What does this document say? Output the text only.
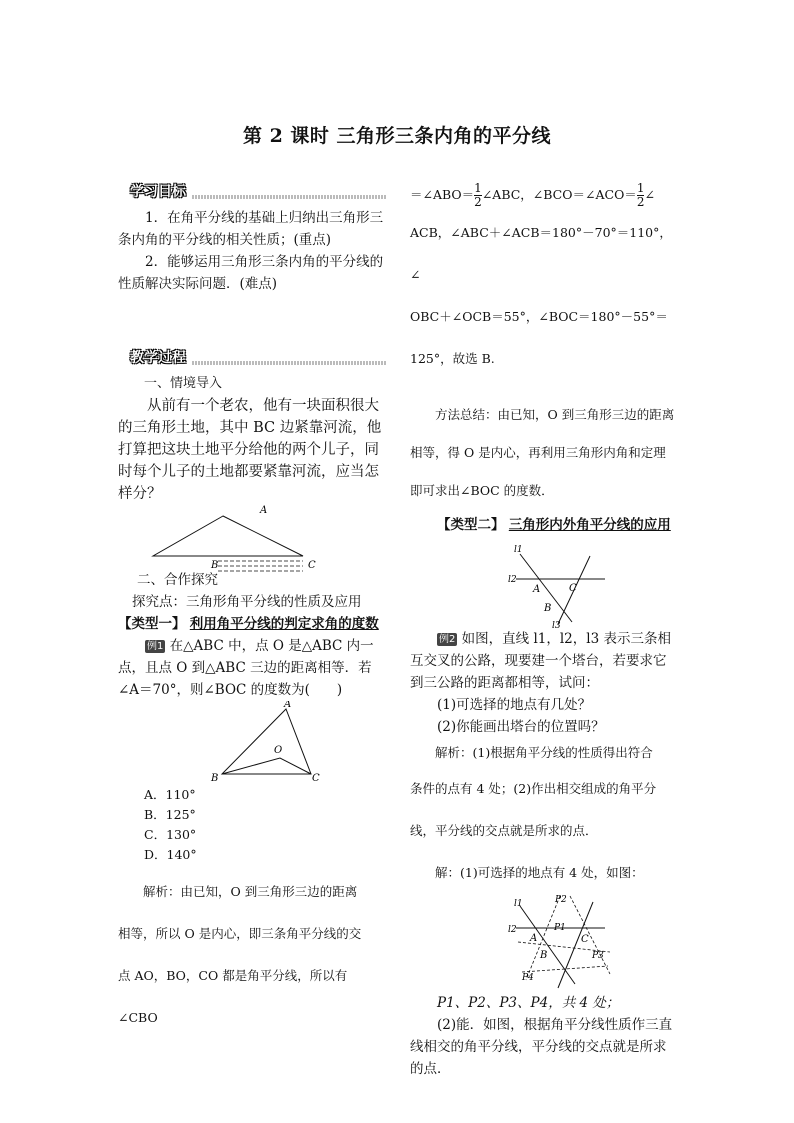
第 2 课时 三角形三条内角的平分线
学习目标

1．在角平分线的基础上归纳出三角形三条内角的平分线的相关性质；(重点)

2．能够运用三角形三条内角的平分线的性质解决实际问题．(难点)

教学过程

一、情境导入

从前有一个老农，他有一块面积很大的三角形土地，其中 BC 边紧靠河流，他打算把这块土地平分给他的两个儿子，同时每个儿子的土地都要紧靠河流，应当怎样分？

A
B	C

二、合作探究

探究点：三角形角平分线的性质及应用

【类型一】 利用角平分线的判定求角的度数

例1 在△ABC 中，点 O 是△ABC 内一点，且点 O 到△ABC 三边的距离相等．若∠A＝70°，则∠BOC 的度数为(　　)

A
O
B	C

A．110°

B．125°

C．130°

D．140°

解析：由已知，O 到三角形三边的距离

相等，所以 O 是内心，即三条角平分线的交

点 AO，BO，CO 都是角平分线，所以有∠CBO

＝∠ABO＝ $\frac{1}{2}$ ∠ABC，∠BCO＝∠ACO＝ $\frac{1}{2}$ ∠

ACB，∠ABC＋∠ACB＝180°－70°＝110°，∠

OBC＋∠OCB＝55°，∠BOC＝180°－55°＝

125°，故选 B.

方法总结：由已知，O 到三角形三边的距离相等，得 O 是内心，再利用三角形内角和定理即可求出∠BOC 的度数．

【类型二】 三角形内外角平分线的应用

l1
l2
l3
A	C
B

例2 如图，直线 l1，l2，l3 表示三条相互交叉的公路，现要建一个塔台，若要求它到三公路的距离都相等，试问：

(1)可选择的地点有几处？

(2)你能画出塔台的位置吗？

解析：(1)根据角平分线的性质得出符合

条件的点有 4 处；(2)作出相交组成的角平分

线，平分线的交点就是所求的点．

解：(1)可选择的地点有 4 处，如图：

l1
l2
A	C
B
P1
P2
P3
P4

P1、P2、P3、P4，共 4 处；

(2)能．如图，根据角平分线性质作三直线相交的角平分线，平分线的交点就是所求的点．
